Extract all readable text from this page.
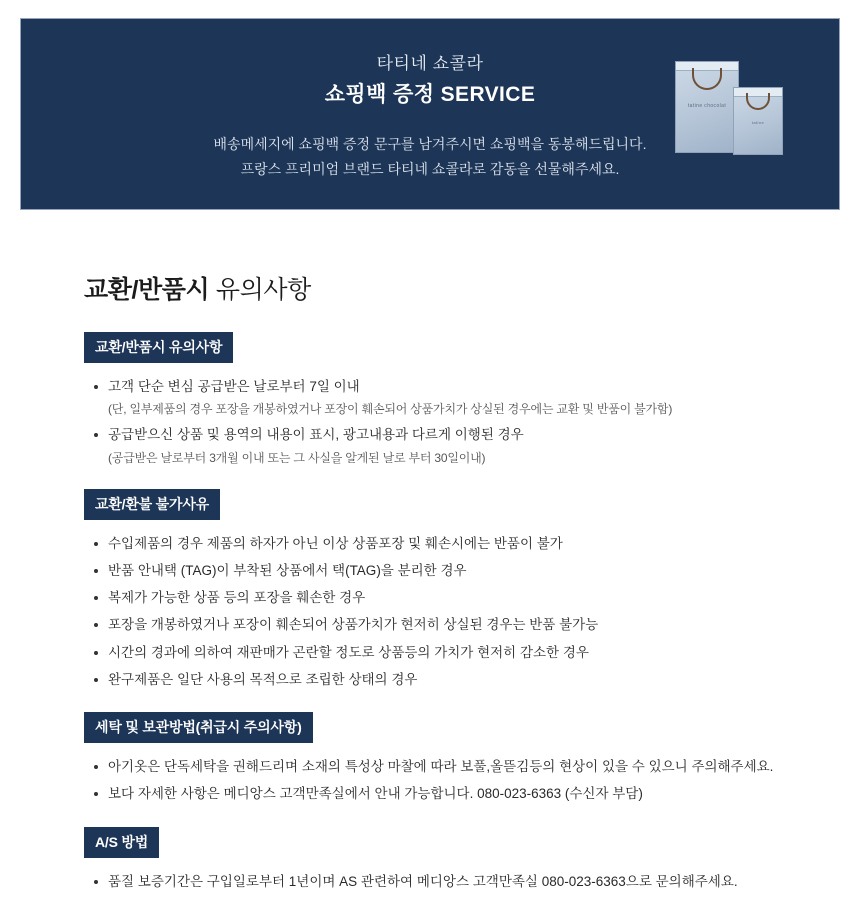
타티네 쇼콜라
쇼핑백 증정 SERVICE
배송메세지에 쇼핑백 증정 문구를 남겨주시면 쇼핑백을 동봉해드립니다.
프랑스 프리미엄 브랜드 타티네 쇼콜라로 감동을 선물해주세요.
tatine chocolat
tatine
교환/반품시 유의사항
교환/반품시 유의사항
고객 단순 변심 공급받은 날로부터 7일 이내
(단, 일부제품의 경우 포장을 개봉하였거나 포장이 훼손되어 상품가치가 상실된 경우에는 교환 및 반품이 불가함)
공급받으신 상품 및 용역의 내용이 표시, 광고내용과 다르게 이행된 경우
(공급받은 날로부터 3개월 이내 또는 그 사실을 알게된 날로 부터 30일이내)
교환/환불 불가사유
수입제품의 경우 제품의 하자가 아닌 이상 상품포장 및 훼손시에는 반품이 불가
반품 안내택 (TAG)이 부착된 상품에서 택(TAG)을 분리한 경우
복제가 가능한 상품 등의 포장을 훼손한 경우
포장을 개봉하였거나 포장이 훼손되어 상품가치가 현저히 상실된 경우는 반품 불가능
시간의 경과에 의하여 재판매가 곤란할 정도로 상품등의 가치가 현저히 감소한 경우
완구제품은 일단 사용의 목적으로 조립한 상태의 경우
세탁 및 보관방법(취급시 주의사항)
아기옷은 단독세탁을 권해드리며 소재의 특성상 마찰에 따라 보풀,올뜯김등의 현상이 있을 수 있으니 주의해주세요.
보다 자세한 사항은 메디앙스 고객만족실에서 안내 가능합니다. 080-023-6363 (수신자 부담)
A/S 방법
품질 보증기간은 구입일로부터 1년이며 AS 관련하여 메디앙스 고객만족실 080-023-6363으로 문의해주세요.
